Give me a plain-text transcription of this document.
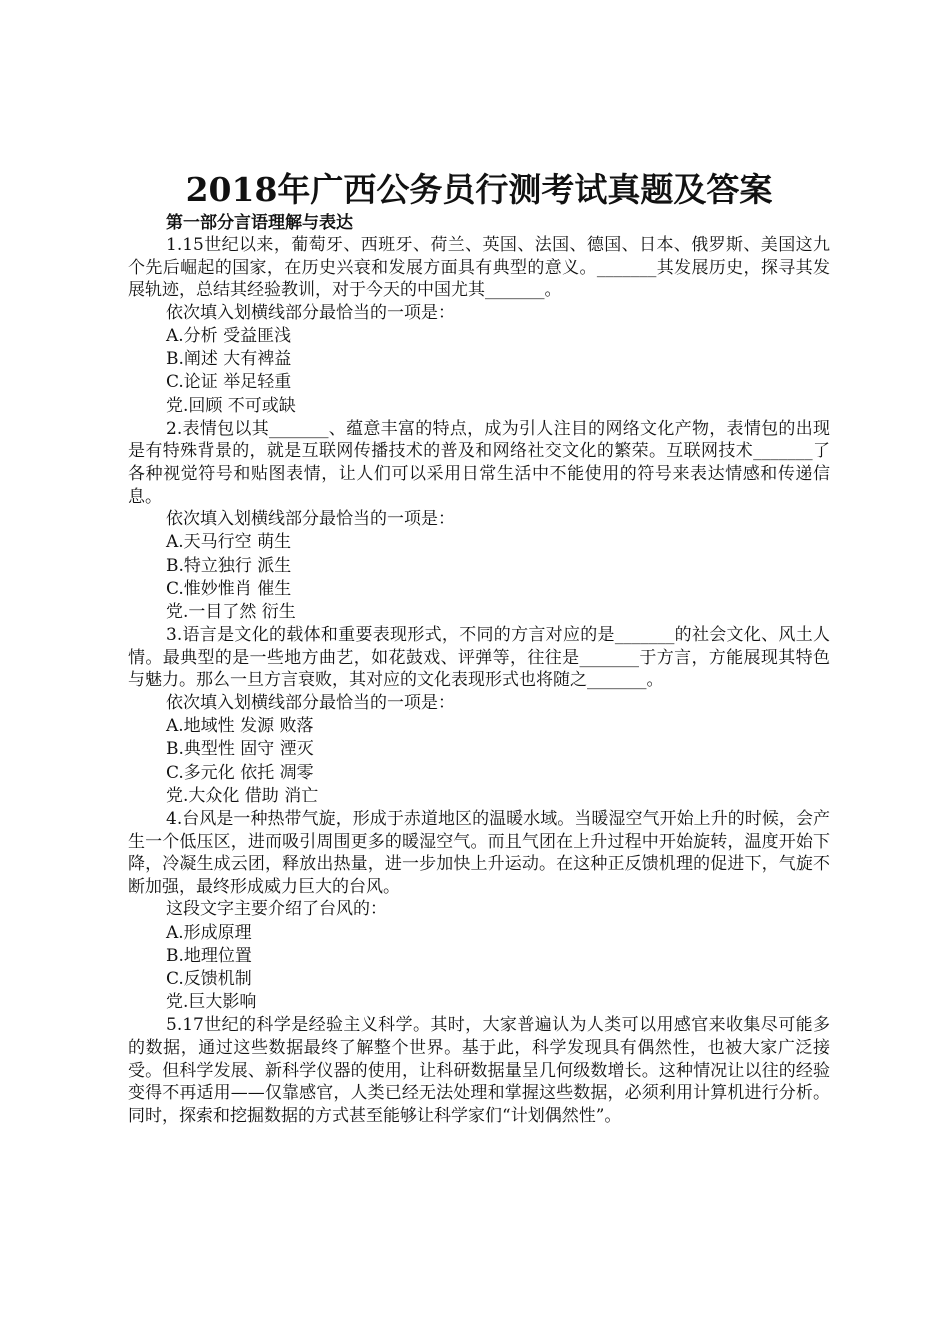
2018年广西公务员行测考试真题及答案
第一部分言语理解与表达

1.15世纪以来，葡萄牙、西班牙、荷兰、英国、法国、德国、日本、俄罗斯、美国这九个先后崛起的国家，在历史兴衰和发展方面具有典型的意义。_______其发展历史，探寻其发展轨迹，总结其经验教训，对于今天的中国尤其_______。

依次填入划横线部分最恰当的一项是：

A.分析 受益匪浅

B.阐述 大有裨益

C.论证 举足轻重

党.回顾 不可或缺

2.表情包以其_______、蕴意丰富的特点，成为引人注目的网络文化产物，表情包的出现是有特殊背景的，就是互联网传播技术的普及和网络社交文化的繁荣。互联网技术_______了各种视觉符号和贴图表情，让人们可以采用日常生活中不能使用的符号来表达情感和传递信息。

依次填入划横线部分最恰当的一项是：

A.天马行空 萌生

B.特立独行 派生

C.惟妙惟肖 催生

党.一目了然 衍生

3.语言是文化的载体和重要表现形式，不同的方言对应的是_______的社会文化、风土人情。最典型的是一些地方曲艺，如花鼓戏、评弹等，往往是_______于方言，方能展现其特色与魅力。那么一旦方言衰败，其对应的文化表现形式也将随之_______。

依次填入划横线部分最恰当的一项是：

A.地域性 发源 败落

B.典型性 固守 湮灭

C.多元化 依托 凋零

党.大众化 借助 消亡

4.台风是一种热带气旋，形成于赤道地区的温暖水域。当暖湿空气开始上升的时候，会产生一个低压区，进而吸引周围更多的暖湿空气。而且气团在上升过程中开始旋转，温度开始下降，冷凝生成云团，释放出热量，进一步加快上升运动。在这种正反馈机理的促进下，气旋不断加强，最终形成威力巨大的台风。

这段文字主要介绍了台风的：

A.形成原理

B.地理位置

C.反馈机制

党.巨大影响

5.17世纪的科学是经验主义科学。其时，大家普遍认为人类可以用感官来收集尽可能多的数据，通过这些数据最终了解整个世界。基于此，科学发现具有偶然性，也被大家广泛接受。但科学发展、新科学仪器的使用，让科研数据量呈几何级数增长。这种情况让以往的经验变得不再适用——仅靠感官，人类已经无法处理和掌握这些数据，必须利用计算机进行分析。同时，探索和挖掘数据的方式甚至能够让科学家们“计划偶然性”。
